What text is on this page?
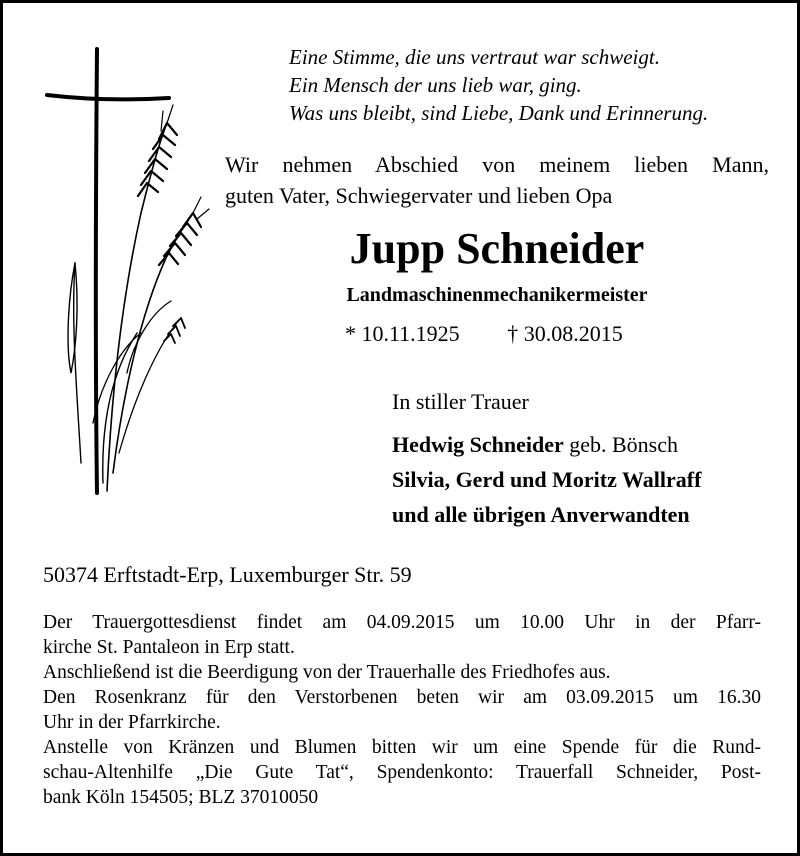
Eine Stimme, die uns vertraut war schweigt.
Ein Mensch der uns lieb war, ging.
Was uns bleibt, sind Liebe, Dank und Erinnerung.
Wir nehmen Abschied von meinem lieben Mann,
guten Vater, Schwiegervater und lieben Opa
Jupp Schneider
Landmaschinenmechanikermeister
* 10.11.1925 † 30.08.2015
In stiller Trauer
Hedwig Schneider geb. Bönsch
Silvia, Gerd und Moritz Wallraff
und alle übrigen Anverwandten
50374 Erftstadt-Erp, Luxemburger Str. 59
Der Trauergottesdienst findet am 04.09.2015 um 10.00 Uhr in der Pfarr-
kirche St. Pantaleon in Erp statt.
Anschließend ist die Beerdigung von der Trauerhalle des Friedhofes aus.
Den Rosenkranz für den Verstorbenen beten wir am 03.09.2015 um 16.30
Uhr in der Pfarrkirche.
Anstelle von Kränzen und Blumen bitten wir um eine Spende für die Rund-
schau-Altenhilfe „Die Gute Tat“, Spendenkonto: Trauerfall Schneider, Post-
bank Köln 154505; BLZ 37010050
